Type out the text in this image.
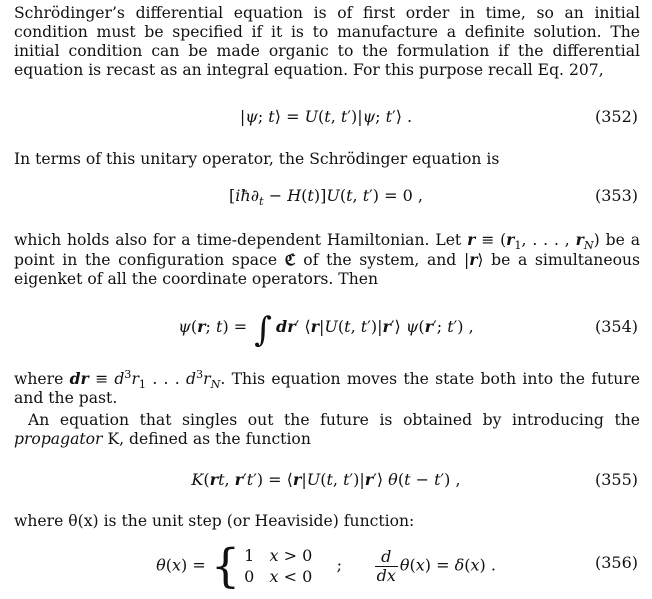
Schrödinger’s differential equation is of first order in time, so an initial condition must be specified if it is to manufacture a definite solution. The initial condition can be made organic to the formulation if the differential equation is recast as an integral equation. For this purpose recall Eq. 207,

|ψ; t⟩ = U(t, t′)|ψ; t′⟩ .	(352)

In terms of this unitary operator, the Schrödinger equation is

$[iħ\partial_t - H(t)]U(t$, t′) = 0 ,	(353)

which holds also for a time-dependent Hamiltonian. Let $r \equiv (r_1$, . . . , $r_N$) be a point in the configuration space ℭ of the system, and |r⟩ be a simultaneous eigenket of all the coordinate operators. Then

ψ(r; t) = ∫ dr′ ⟨r|U(t, t′)|r′⟩ ψ(r′; t′) ,	(354)

where dr ≡ $d^3r_1$ . . . $d^3r_N$. This equation moves the state both into the future and the past.

An equation that singles out the future is obtained by introducing the propagator K, defined as the function

K(rt, r′t′) = ⟨r|U(t, t′)|r′⟩ θ(t − t′) ,	(355)

where θ(x) is the unit step (or Heaviside) function:

θ(x) = { 1   x > 0
0   x < 0    ; $\frac{d}{dx} \theta(x) = \delta(x)$ .	(356)
